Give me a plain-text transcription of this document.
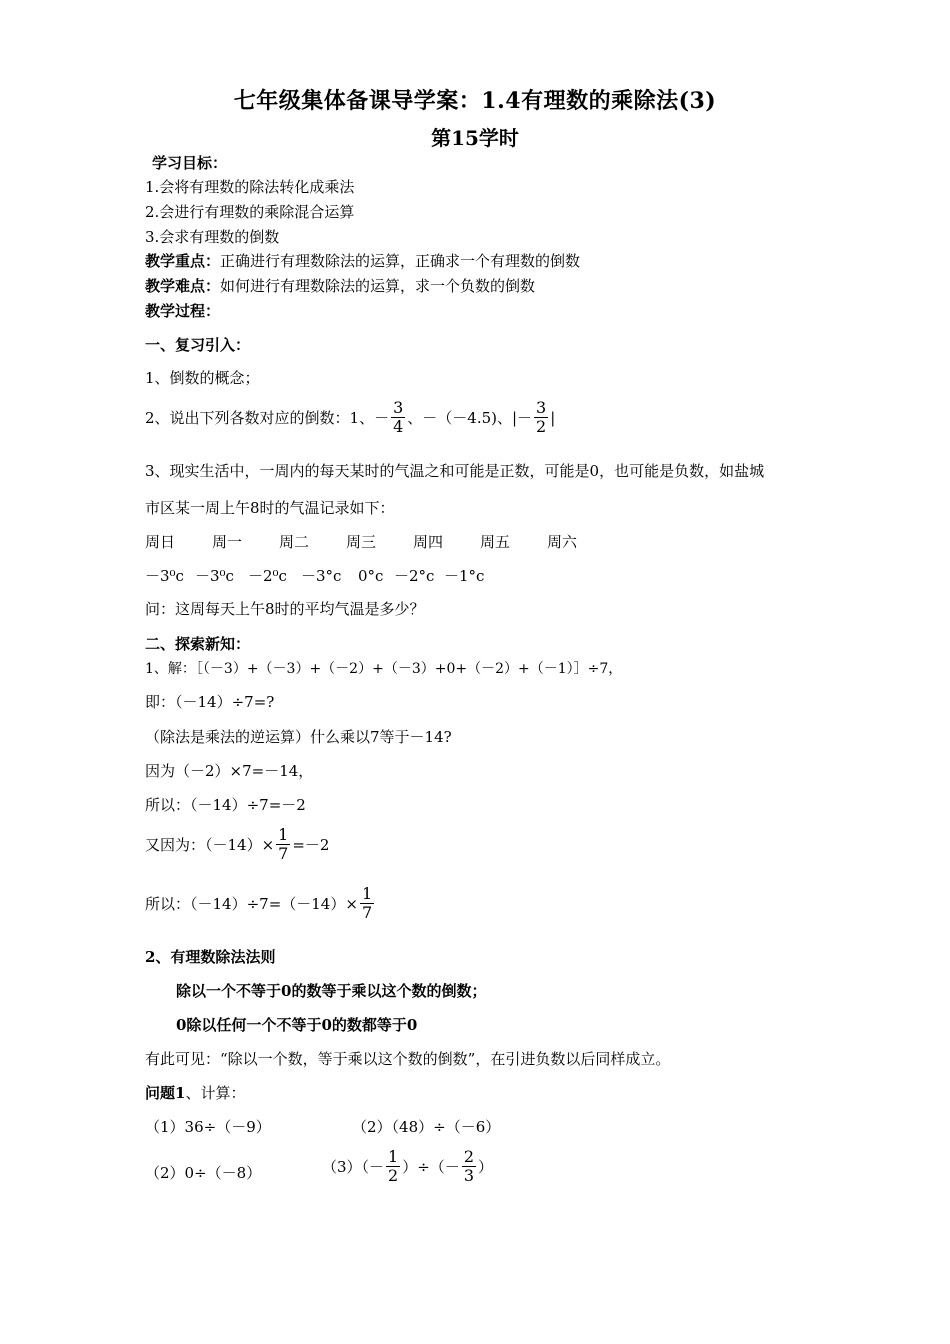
七年级集体备课导学案：1.4有理数的乘除法(3)
第15学时
学习目标：
1.会将有理数的除法转化成乘法
2.会进行有理数的乘除混合运算
3.会求有理数的倒数
教学重点：正确进行有理数除法的运算，正确求一个有理数的倒数
教学难点：如何进行有理数除法的运算，求一个负数的倒数
教学过程：
一、复习引入：
1、倒数的概念；
2、说出下列各数对应的倒数：1、－ $\frac{3}{4}$ 、－（－4.5)、|－ $\frac{3}{2}$ |
3、现实生活中，一周内的每天某时的气温之和可能是正数，可能是0，也可能是负数，如盐城
市区某一周上午8时的气温记录如下：
周日 周一 周二 周三 周四 周五 周六
－3⁰c －3⁰c －2⁰c －3°c 0°c －2°c －1°c
问：这周每天上午8时的平均气温是多少？
二、探索新知：
1、解：［（－3）+（－3）+（－2）+（－3）+0+（－2）+（－1）］÷7，
即：（－14）÷7=?
（除法是乘法的逆运算）什么乘以7等于－14?
因为（－2）×7=－14，
所以：（－14）÷7=－2
又因为：$(-14)\times \frac{1}{7} =-2$
所以：$(-14)\div 7=(-14)\times \frac{1}{7}$
2、有理数除法法则
除以一个不等于0的数等于乘以这个数的倒数；
0除以任何一个不等于0的数都等于0
有此可见：“除以一个数，等于乘以这个数的倒数”，在引进负数以后同样成立。
问题1、计算：
（1）36÷（－9）	（2）（48）÷（－6）
（2）0÷（－8）	$(3)(- \frac{1}{2}$ ）÷（－ $\frac{2}{3}$ ）
